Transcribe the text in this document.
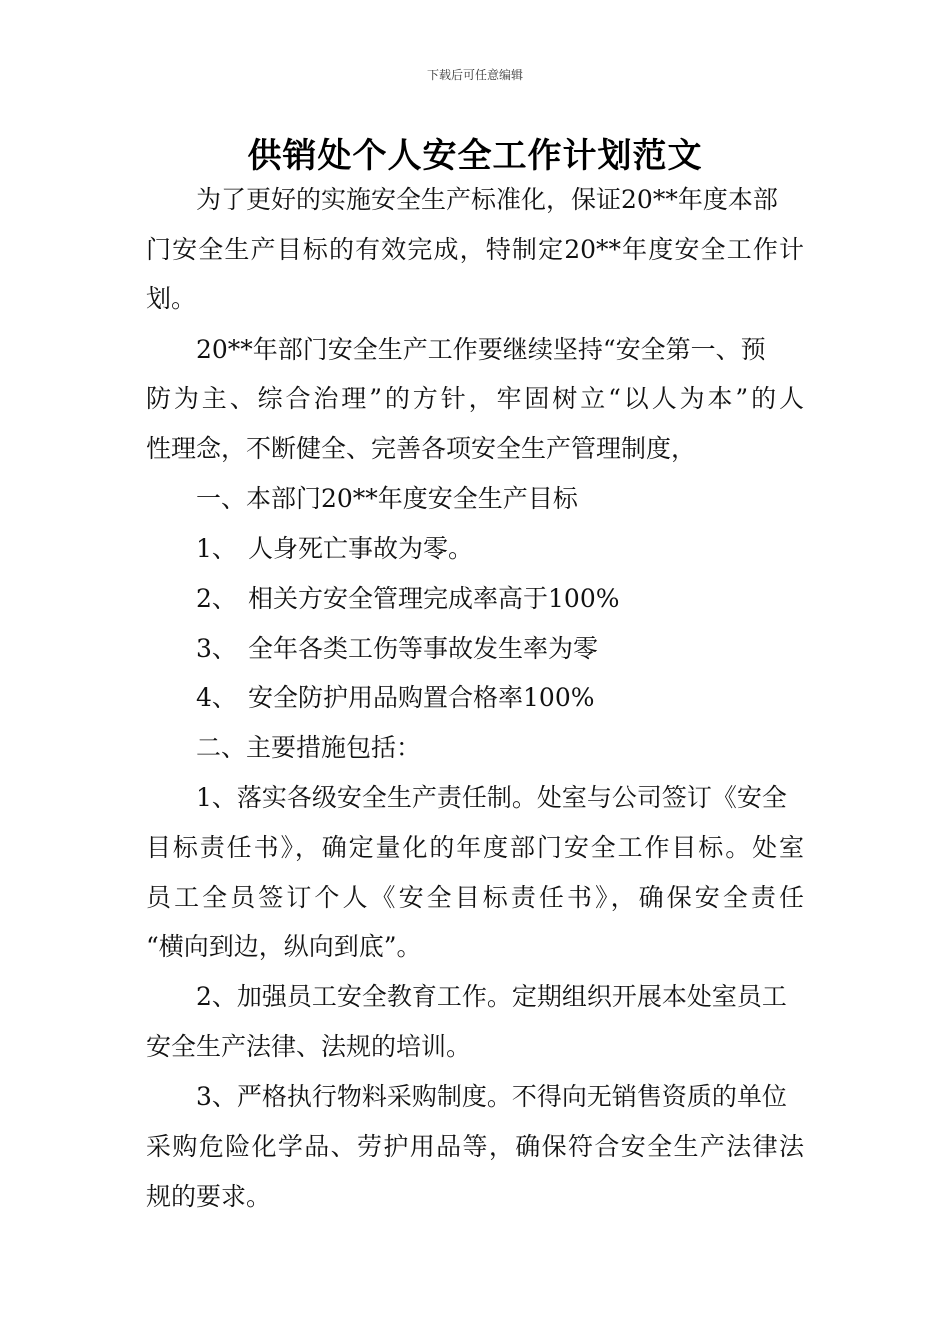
下载后可任意编辑
供销处个人安全工作计划范文
为了更好的实施安全生产标准化，保证20**年度本部
门安全生产目标的有效完成，特制定20**年度安全工作计
划。
20**年部门安全生产工作要继续坚持“安全第一、预
防为主、综合治理”的方针，牢固树立“以人为本”的人
性理念，不断健全、完善各项安全生产管理制度，
一、本部门20**年度安全生产目标
1、 人身死亡事故为零。
2、 相关方安全管理完成率高于100%
3、 全年各类工伤等事故发生率为零
4、 安全防护用品购置合格率100%
二、主要措施包括：
1、落实各级安全生产责任制。处室与公司签订《安全
目标责任书》，确定量化的年度部门安全工作目标。处室
员工全员签订个人《安全目标责任书》，确保安全责任
“横向到边，纵向到底”。
2、加强员工安全教育工作。定期组织开展本处室员工
安全生产法律、法规的培训。
3、严格执行物料采购制度。不得向无销售资质的单位
采购危险化学品、劳护用品等，确保符合安全生产法律法
规的要求。
